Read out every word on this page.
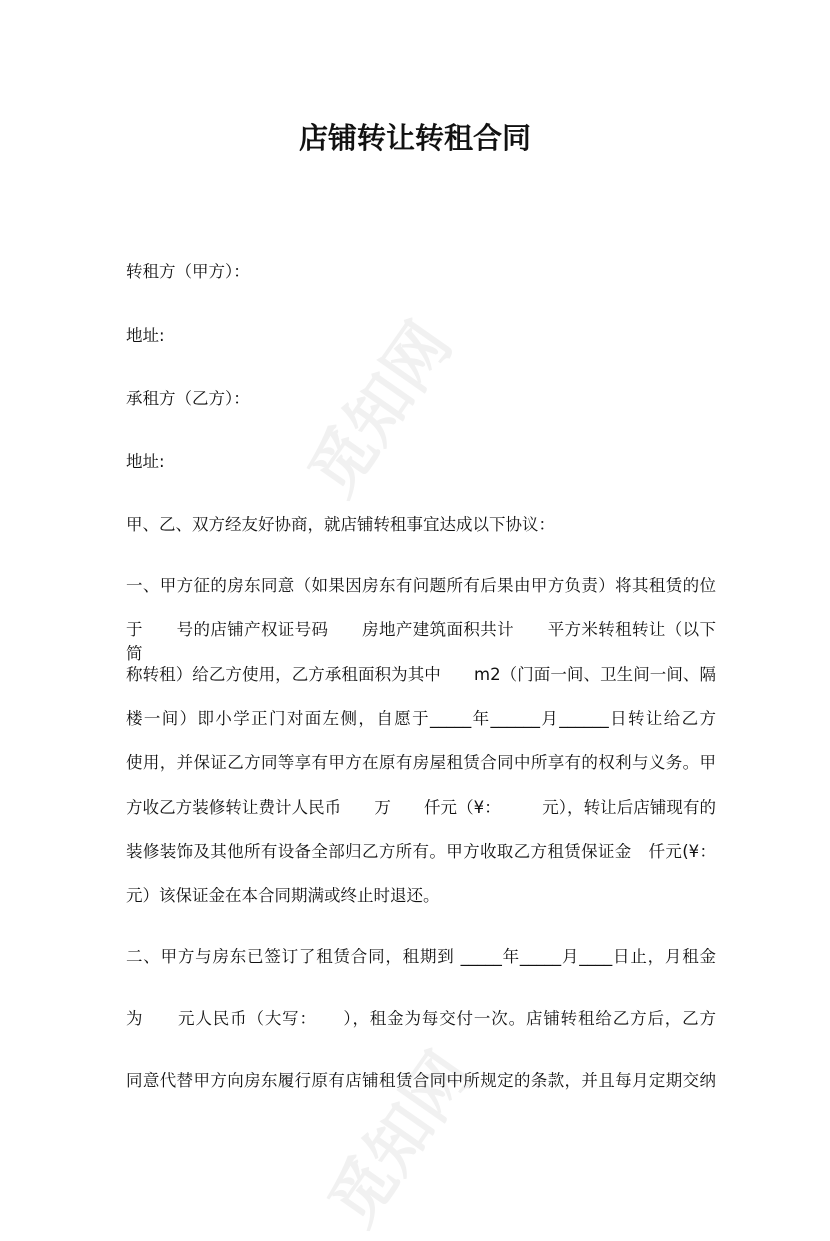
觅知网
觅知网
店铺转让转租合同
转租方（甲方）：
地址:
承租方（乙方）：
地址:
甲、乙、双方经友好协商，就店铺转租事宜达成以下协议：
一、甲方征的房东同意（如果因房东有问题所有后果由甲方负责）将其租赁的位
于　　号的店铺产权证号码　　房地产建筑面积共计　　平方米转租转让（以下简
称转租）给乙方使用，乙方承租面积为其中　　m2（门面一间、卫生间一间、隔
楼一间）即小学正门对面左侧，自愿于_____年______月______日转让给乙方
使用，并保证乙方同等享有甲方在原有房屋租赁合同中所享有的权利与义务。甲
方收乙方装修转让费计人民币　　万　　仟元（¥：　　　元），转让后店铺现有的
装修装饰及其他所有设备全部归乙方所有。甲方收取乙方租赁保证金　仟元(¥：
元）该保证金在本合同期满或终止时退还。
二、甲方与房东已签订了租赁合同，租期到 _____年_____月____日止，月租金
为　　元人民币（大写：　　），租金为每交付一次。店铺转租给乙方后，乙方
同意代替甲方向房东履行原有店铺租赁合同中所规定的条款，并且每月定期交纳
